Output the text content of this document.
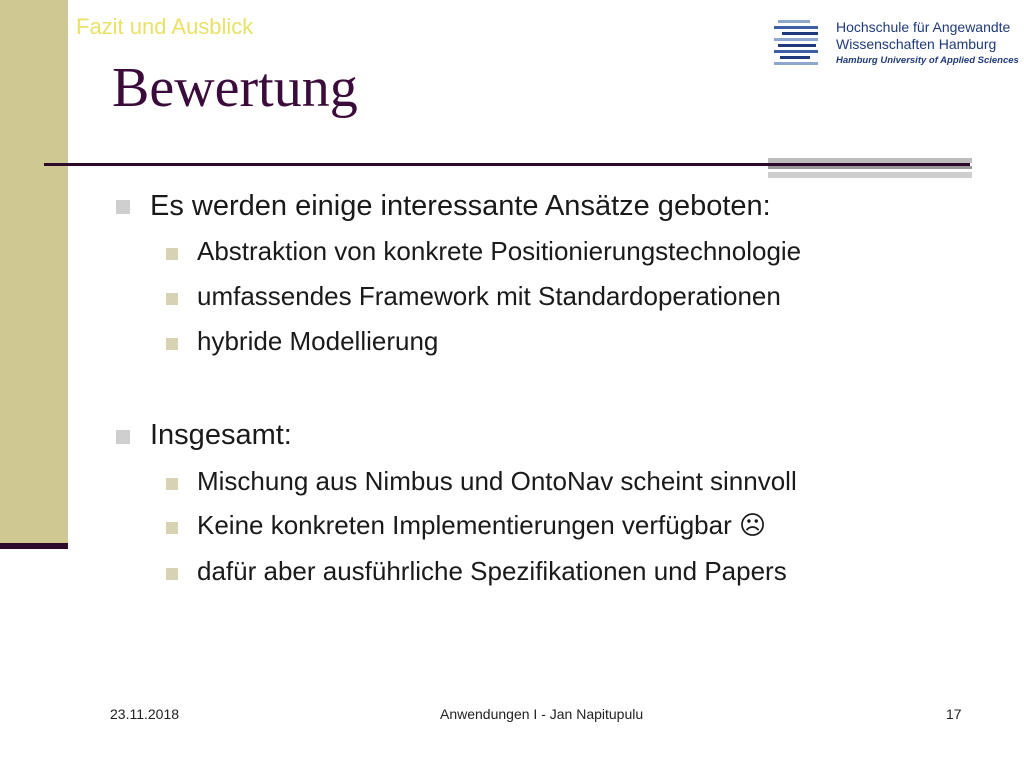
Fazit und Ausblick	Hochschule für Angewandte
Wissenschaften Hamburg
Hamburg University of Applied Sciences
Bewertung
Es werden einige interessante Ansätze geboten:
Abstraktion von konkrete Positionierungstechnologie
umfassendes Framework mit Standardoperationen
hybride Modellierung
Insgesamt:
Mischung aus Nimbus und OntoNav scheint sinnvoll
Keine konkreten Implementierungen verfügbar ☹
dafür aber ausführliche Spezifikationen und Papers
23.11.2018	Anwendungen I - Jan Napitupulu	17
